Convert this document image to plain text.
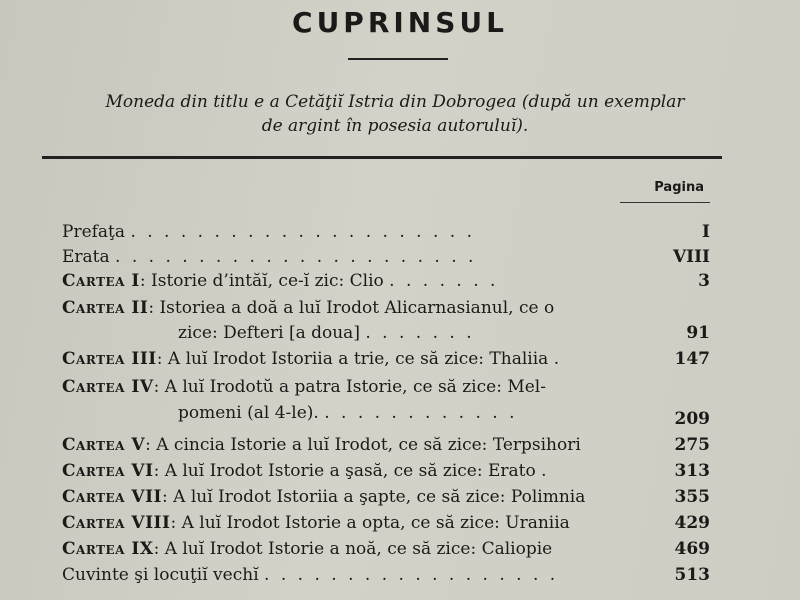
CUPRINSUL
Moneda din titlu e a Cetăţiĭ Istria din Dobrogea (după un exemplar
de argint în posesia autoruluĭ).
Pagina
Prefaţa . . . . . . . . . . . . . . . . . . . . .	I
Erata . . . . . . . . . . . . . . . . . . . . . .	VIII
Cartea I: Istorie d’intăĭ, ce-ĭ zic: Clio . . . . . . .	3
Cartea II: Istoriea a doă a luĭ Irodot Alicarnasianul, ce o
zice: Defteri [a doua] . . . . . . .	91
Cartea III: A luĭ Irodot Istoriia a trie, ce să zice: Thaliia .	147
Cartea IV: A luĭ Irodotŭ a patra Istorie, ce să zice: Mel-
pomeni (al 4-le). . . . . . . . . . . . .	209
Cartea V: A cincia Istorie a luĭ Irodot, ce să zice: Terpsihori	275
Cartea VI: A luĭ Irodot Istorie a şasă, ce să zice: Erato .	313
Cartea VII: A luĭ Irodot Istoriia a şapte, ce să zice: Polimnia	355
Cartea VIII: A luĭ Irodot Istorie a opta, ce să zice: Uraniia	429
Cartea IX: A luĭ Irodot Istorie a noă, ce să zice: Caliopie	469
Cuvinte şi locuţiĭ vechĭ . . . . . . . . . . . . . . . . . .	513
